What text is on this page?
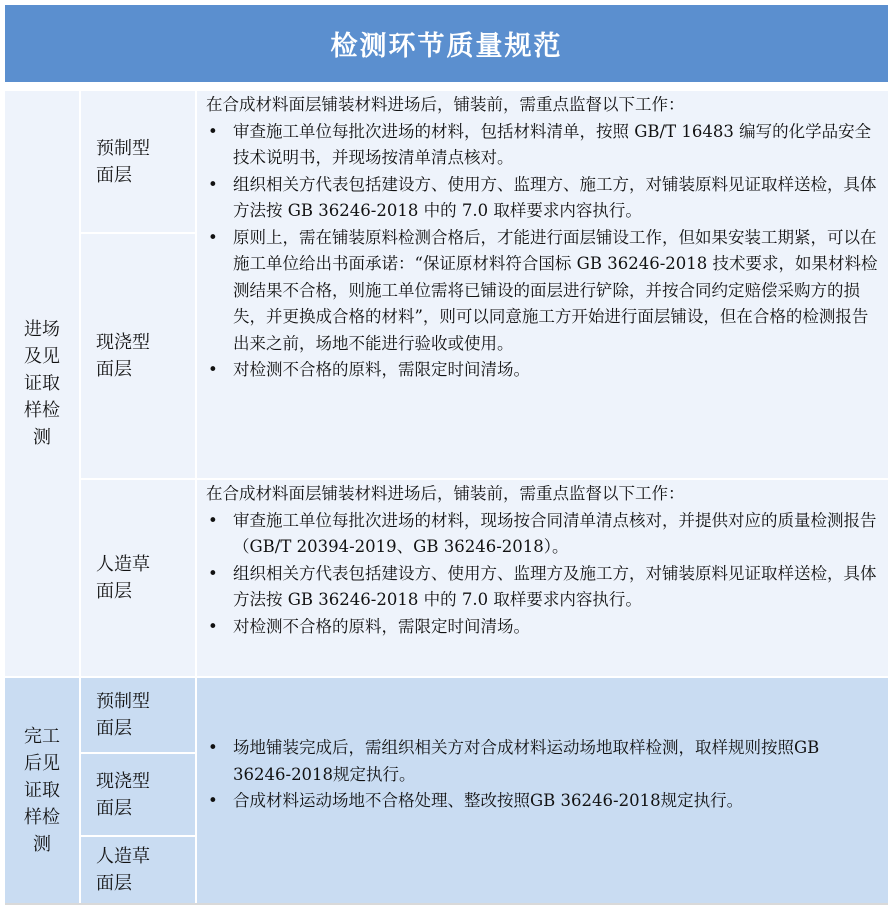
检测环节质量规范
进场及见证取样检测
预制型面层
现浇型面层
人造草面层

在合成材料面层铺装材料进场后，铺装前，需重点监督以下工作：

• 审查施工单位每批次进场的材料，包括材料清单，按照 GB/T 16483 编写的化学品安全技术说明书，并现场按清单清点核对。
• 组织相关方代表包括建设方、使用方、监理方、施工方，对铺装原料见证取样送检，具体方法按 GB 36246-2018 中的 7.0 取样要求内容执行。
• 原则上，需在铺装原料检测合格后，才能进行面层铺设工作，但如果安装工期紧，可以在施工单位给出书面承诺：“保证原材料符合国标 GB 36246-2018 技术要求，如果材料检测结果不合格，则施工单位需将已铺设的面层进行铲除，并按合同约定赔偿采购方的损失，并更换成合格的材料”，则可以同意施工方开始进行面层铺设，但在合格的检测报告出来之前，场地不能进行验收或使用。
• 对检测不合格的原料，需限定时间清场。

在合成材料面层铺装材料进场后，铺装前，需重点监督以下工作：

• 审查施工单位每批次进场的材料，现场按合同清单清点核对，并提供对应的质量检测报告（GB/T 20394-2019、GB 36246-2018）。
• 组织相关方代表包括建设方、使用方、监理方及施工方，对铺装原料见证取样送检，具体方法按 GB 36246-2018 中的 7.0 取样要求内容执行。
• 对检测不合格的原料，需限定时间清场。
完工后见证取样检测
预制型面层
现浇型面层
人造草面层
• 场地铺装完成后，需组织相关方对合成材料运动场地取样检测，取样规则按照GB 36246-2018规定执行。
• 合成材料运动场地不合格处理、整改按照GB 36246-2018规定执行。
